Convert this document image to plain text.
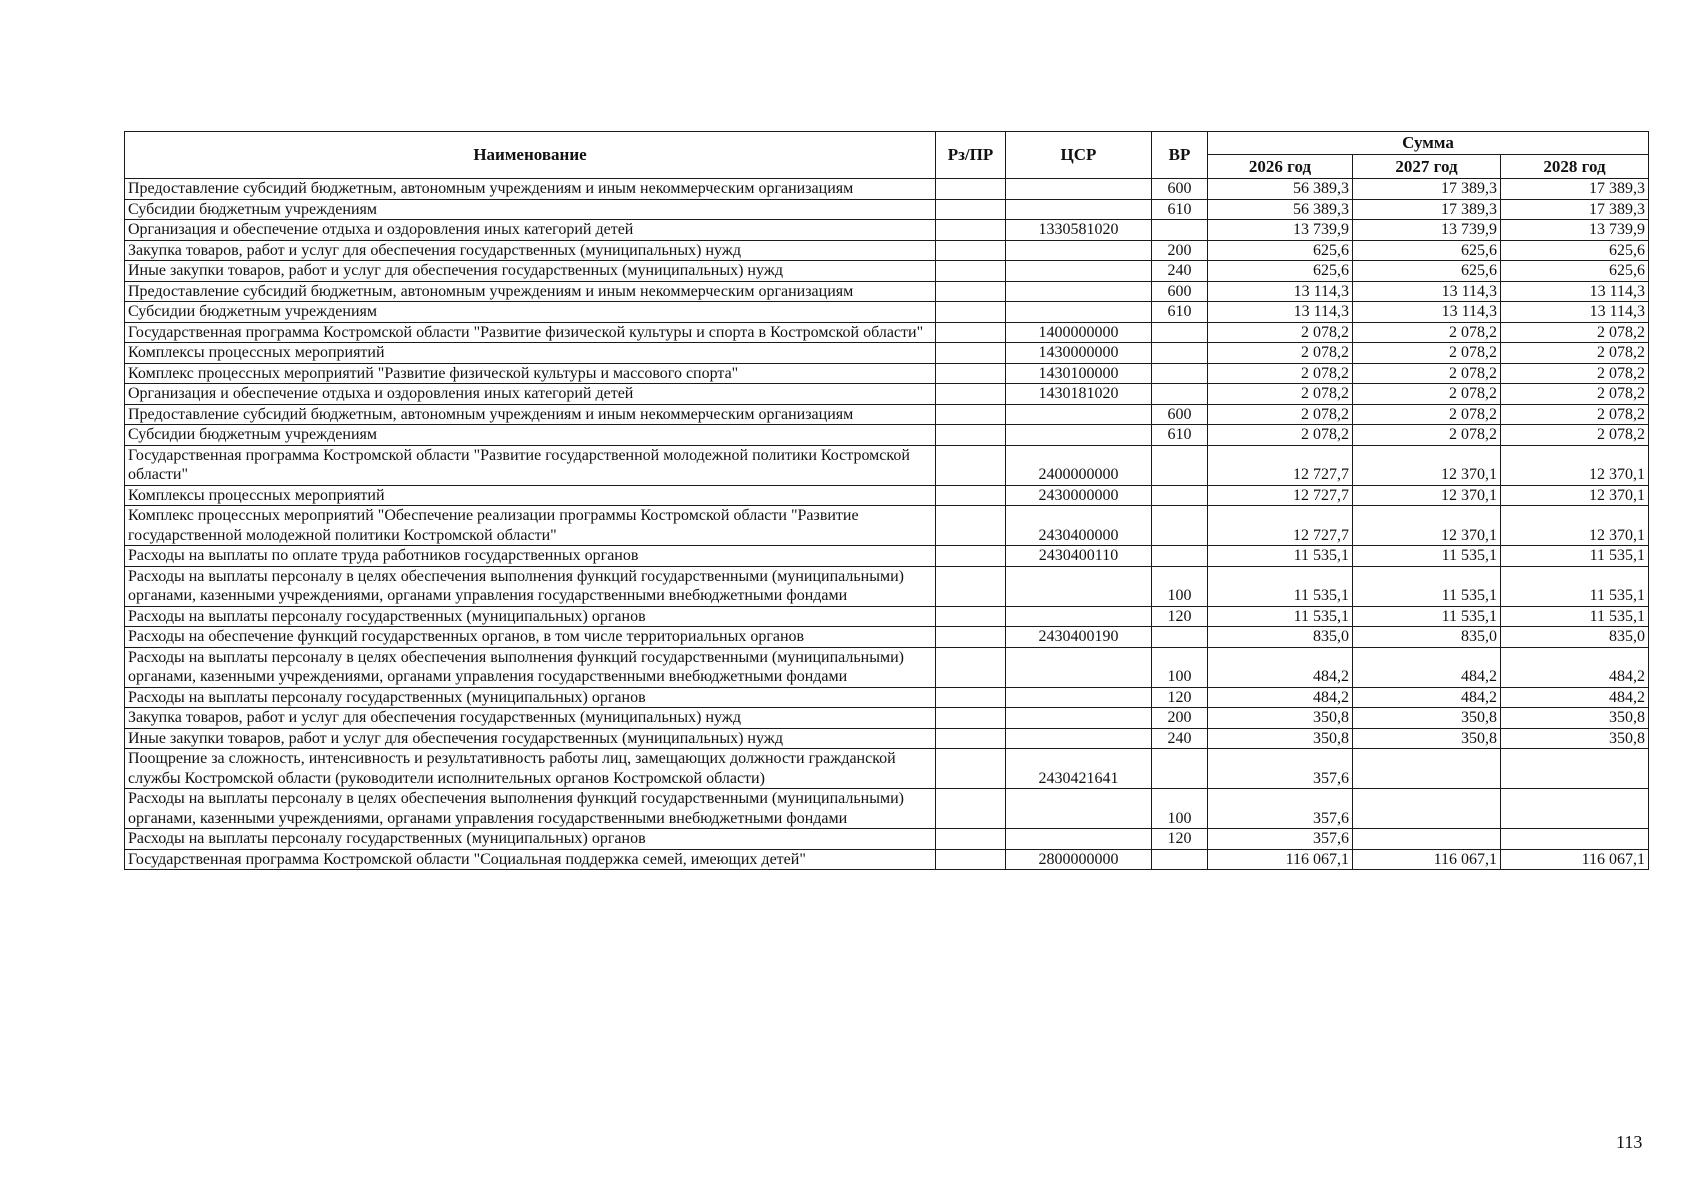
Наименование	Рз/ПР	ЦСР	ВР	Сумма		
				2026 год	2027 год	2028 год
Предоставление субсидий бюджетным, автономным учреждениям и иным некоммерческим организациям			600	56 389,3	17 389,3	17 389,3
Субсидии бюджетным учреждениям			610	56 389,3	17 389,3	17 389,3
Организация и обеспечение отдыха и оздоровления иных категорий детей		1330581020		13 739,9	13 739,9	13 739,9
Закупка товаров, работ и услуг для обеспечения государственных (муниципальных) нужд			200	625,6	625,6	625,6
Иные закупки товаров, работ и услуг для обеспечения государственных (муниципальных) нужд			240	625,6	625,6	625,6
Предоставление субсидий бюджетным, автономным учреждениям и иным некоммерческим организациям			600	13 114,3	13 114,3	13 114,3
Субсидии бюджетным учреждениям			610	13 114,3	13 114,3	13 114,3
Государственная программа Костромской области "Развитие физической культуры и спорта в Костромской области"		1400000000		2 078,2	2 078,2	2 078,2
Комплексы процессных мероприятий		1430000000		2 078,2	2 078,2	2 078,2
Комплекс процессных мероприятий "Развитие физической культуры и массового спорта"		1430100000		2 078,2	2 078,2	2 078,2
Организация и обеспечение отдыха и оздоровления иных категорий детей		1430181020		2 078,2	2 078,2	2 078,2
Предоставление субсидий бюджетным, автономным учреждениям и иным некоммерческим организациям			600	2 078,2	2 078,2	2 078,2
Субсидии бюджетным учреждениям			610	2 078,2	2 078,2	2 078,2
Государственная программа Костромской области "Развитие государственной молодежной политики Костромской области"		2400000000		12 727,7	12 370,1	12 370,1
Комплексы процессных мероприятий		2430000000		12 727,7	12 370,1	12 370,1
Комплекс процессных мероприятий "Обеспечение реализации программы Костромской области "Развитие государственной молодежной политики Костромской области"		2430400000		12 727,7	12 370,1	12 370,1
Расходы на выплаты по оплате труда работников государственных органов		2430400110		11 535,1	11 535,1	11 535,1
Расходы на выплаты персоналу в целях обеспечения выполнения функций государственными (муниципальными) органами, казенными учреждениями, органами управления государственными внебюджетными фондами			100	11 535,1	11 535,1	11 535,1
Расходы на выплаты персоналу государственных (муниципальных) органов			120	11 535,1	11 535,1	11 535,1
Расходы на обеспечение функций государственных органов, в том числе территориальных органов		2430400190		835,0	835,0	835,0
Расходы на выплаты персоналу в целях обеспечения выполнения функций государственными (муниципальными) органами, казенными учреждениями, органами управления государственными внебюджетными фондами			100	484,2	484,2	484,2
Расходы на выплаты персоналу государственных (муниципальных) органов			120	484,2	484,2	484,2
Закупка товаров, работ и услуг для обеспечения государственных (муниципальных) нужд			200	350,8	350,8	350,8
Иные закупки товаров, работ и услуг для обеспечения государственных (муниципальных) нужд			240	350,8	350,8	350,8
Поощрение за сложность, интенсивность и результативность работы лиц, замещающих должности гражданской службы Костромской области (руководители исполнительных органов Костромской области)		2430421641		357,6		
Расходы на выплаты персоналу в целях обеспечения выполнения функций государственными (муниципальными) органами, казенными учреждениями, органами управления государственными внебюджетными фондами			100	357,6		
Расходы на выплаты персоналу государственных (муниципальных) органов			120	357,6		
Государственная программа Костромской области "Социальная поддержка семей, имеющих детей"		2800000000		116 067,1	116 067,1	116 067,1
113
